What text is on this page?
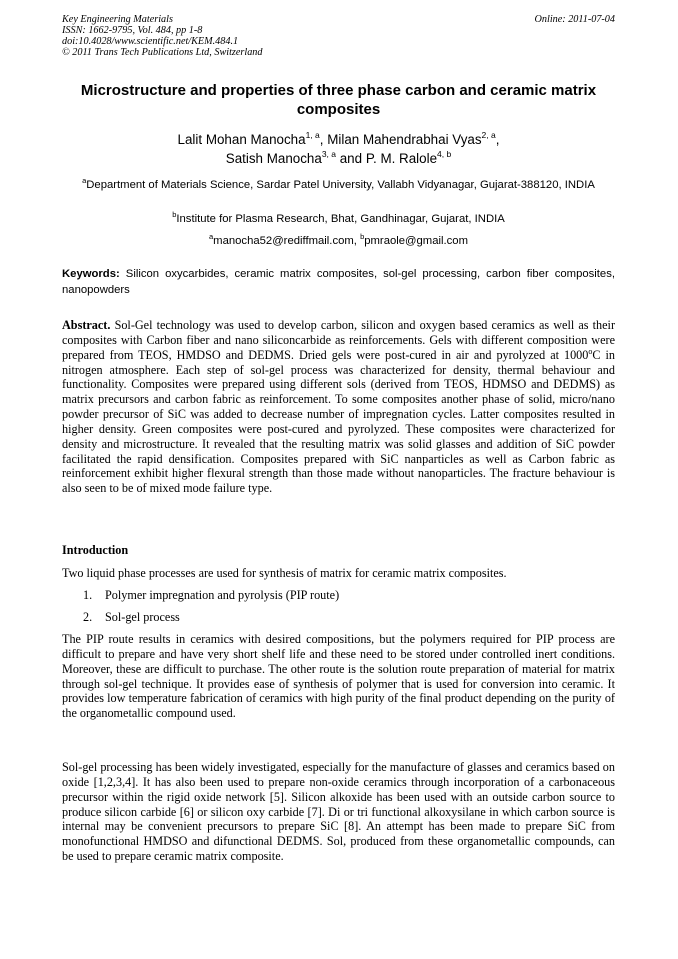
Key Engineering Materials
ISSN: 1662-9795, Vol. 484, pp 1-8
doi:10.4028/www.scientific.net/KEM.484.1
© 2011 Trans Tech Publications Ltd, Switzerland
Online: 2011-07-04
Microstructure and properties of three phase carbon and ceramic matrix composites
Lalit Mohan Manocha$^{1, a}$, Milan Mahendrabhai Vyas$^{2, a}$,
Satish Manocha$^{3, a}$ and P. M. Ralole$^{4, b}$
$^a$Department of Materials Science, Sardar Patel University, Vallabh Vidyanagar, Gujarat-388120, INDIA
$^b$Institute for Plasma Research, Bhat, Gandhinagar, Gujarat, INDIA
$^a$manocha52@rediffmail.com, $^b$pmraole@gmail.com
Keywords: Silicon oxycarbides, ceramic matrix composites, sol-gel processing, carbon fiber composites, nanopowders
Abstract. Sol-Gel technology was used to develop carbon, silicon and oxygen based ceramics as well as their composites with Carbon fiber and nano siliconcarbide as reinforcements. Gels with different composition were prepared from TEOS, HMDSO and DEDMS. Dried gels were post-cured in air and pyrolyzed at 1000$^o$C in nitrogen atmosphere. Each step of sol-gel process was characterized for density, thermal behaviour and functionality. Composites were prepared using different sols (derived from TEOS, HDMSO and DEDMS) as matrix precursors and carbon fabric as reinforcement. To some composites another phase of solid, micro/nano powder precursor of SiC was added to decrease number of impregnation cycles. Latter composites resulted in higher density. Green composites were post-cured and pyrolyzed. These composites were characterized for density and microstructure. It revealed that the resulting matrix was solid glasses and addition of SiC powder facilitated the rapid densification. Composites prepared with SiC nanparticles as well as Carbon fabric as reinforcement exhibit higher flexural strength than those made without nanoparticles. The fracture behaviour is also seen to be of mixed mode failure type.
Introduction
Two liquid phase processes are used for synthesis of matrix for ceramic matrix composites.
1. Polymer impregnation and pyrolysis (PIP route)
2. Sol-gel process
The PIP route results in ceramics with desired compositions, but the polymers required for PIP process are difficult to prepare and have very short shelf life and these need to be stored under controlled inert conditions. Moreover, these are difficult to purchase. The other route is the solution route preparation of material for matrix through sol-gel technique. It provides ease of synthesis of polymer that is used for conversion into ceramic. It provides low temperature fabrication of ceramics with high purity of the final product depending on the purity of the organometallic compound used.
Sol-gel processing has been widely investigated, especially for the manufacture of glasses and ceramics based on oxide [1,2,3,4]. It has also been used to prepare non-oxide ceramics through incorporation of a carbonaceous precursor within the rigid oxide network [5]. Silicon alkoxide has been used with an outside carbon source to produce silicon carbide [6] or silicon oxy carbide [7]. Di or tri functional alkoxysilane in which carbon source is internal may be convenient precursors to prepare SiC [8]. An attempt has been made to prepare SiC from monofunctional HMDSO and difunctional DEDMS. Sol, produced from these organometallic compounds, can be used to prepare ceramic matrix composite.
